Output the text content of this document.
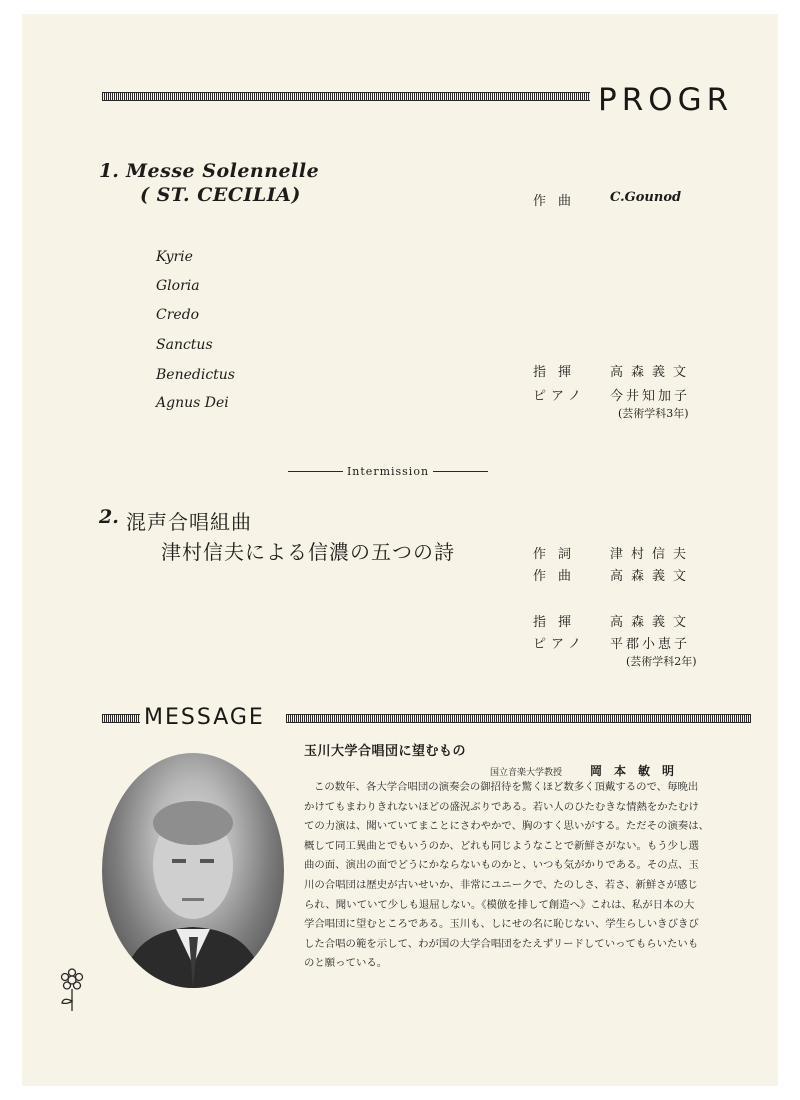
PROGR
1. Messe Solennelle
( ST. CECILIA)	作曲 C.Gounod
Kyrie
Gloria
Credo
Sanctus
Benedictus
Agnus Dei
指揮 高森義文
ピアノ 今井知加子
(芸術学科3年)
Intermission
2. 混声合唱組曲
津村信夫による信濃の五つの詩	作詞 津村信夫
作曲 高森義文
指揮 高森義文
ピアノ 平郡小恵子
(芸術学科2年)
MESSAGE
玉川大学合唱団に望むもの
国立音楽大学教授 岡本敏明
この数年、各大学合唱団の演奏会の御招待を驚くほど数多く頂戴するので、毎晩出
かけてもまわりきれないほどの盛況ぶりである。若い人のひたむきな情熱をかたむけ
ての力演は、聞いていてまことにさわやかで、胸のすく思いがする。ただその演奏は、
概して同工異曲とでもいうのか、どれも同じようなことで新鮮さがない。もう少し選
曲の面、演出の面でどうにかならないものかと、いつも気がかりである。その点、玉
川の合唱団は歴史が古いせいか、非常にユニークで、たのしさ、若さ、新鮮さが感じ
られ、聞いていて少しも退屈しない。《模倣を排して創造へ》これは、私が日本の大
学合唱団に望むところである。玉川も、しにせの名に恥じない、学生らしいきびきび
した合唱の範を示して、わが国の大学合唱団をたえずリードしていってもらいたいも
のと願っている。
